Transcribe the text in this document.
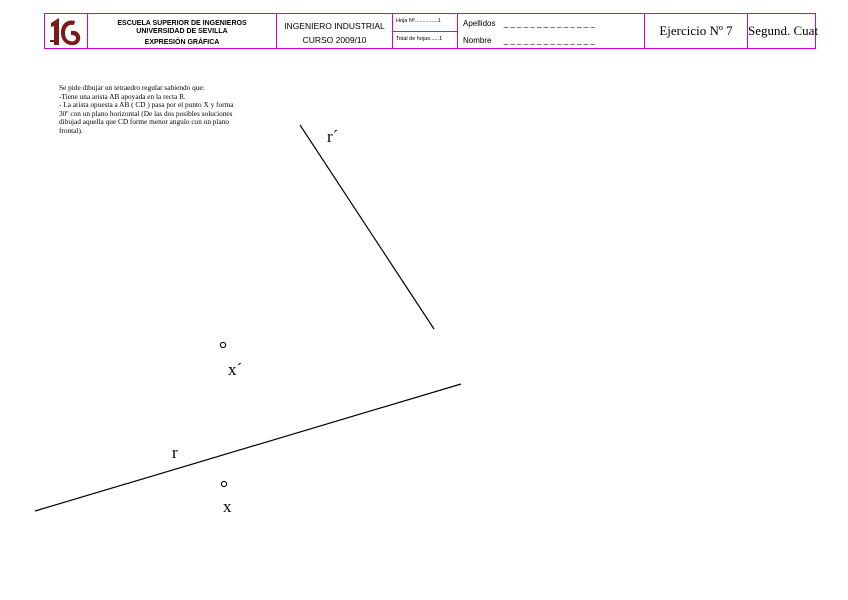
ESCUELA SUPERIOR DE INGENIEROS
UNIVERSIDAD DE SEVILLA
EXPRESIÓN GRÁFICA
INGENIERO INDUSTRIAL
CURSO 2009/10
Hoja Nº...............1
Total de hojas......1
Apellidos _ _ _ _ _ _ _ _ _ _ _ _ _ _
Nombre _ _ _ _ _ _ _ _ _ _ _ _ _ _
Ejercicio Nº 7	Segund. Cuat
Se pide dibujar un tetraedro regular sabiendo que:
-Tiene una arista AB apoyada en la recta R.
- La arista opuesta a AB ( CD ) pasa por el punto X y forma
30º con un plano horizontal (De las dos posibles soluciones
dibujad aquella que CD forme menor angulo con un plano
frontal).	r´
x´
r
x
